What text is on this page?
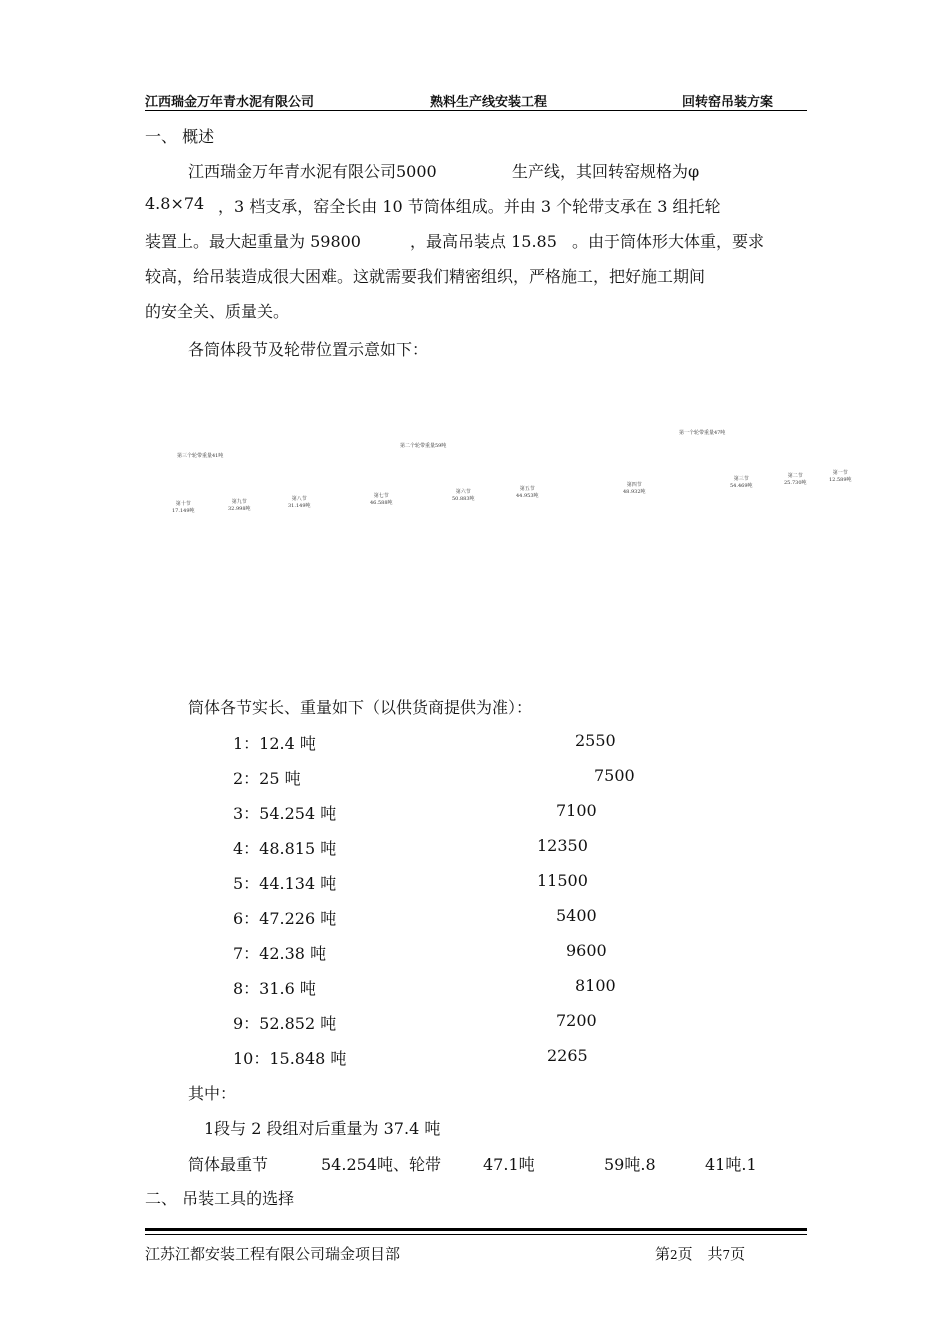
江西瑞金万年青水泥有限公司	熟料生产线安装工程	回转窑吊装方案
一、 概述
江西瑞金万年青水泥有限公司5000	生产线，其回转窑规格为φ
4.8×74 ，3 档支承，窑全长由 10 节筒体组成。并由 3 个轮带支承在 3 组托轮
装置上。最大起重量为 59800	，最高吊装点 15.85 。由于筒体形大体重，要求
较高，给吊装造成很大困难。这就需要我们精密组织，严格施工，把好施工期间
的安全关、质量关。
各筒体段节及轮带位置示意如下：
第三个轮带重量41吨
第二个轮带重量59吨
第一个轮带重量47吨
第十节
17.149吨
第九节
32.998吨
第八节
31.149吨
第七节
46.588吨
第六节
50.883吨
第五节
44.953吨
第四节
48.932吨
第三节
54.469吨
第二节
25.730吨
第一节
12.589吨
筒体各节实长、重量如下（以供货商提供为准）：
1：12.4 吨	2550
2：25 吨	7500
3：54.254 吨	7100
4：48.815 吨	12350
5：44.134 吨	11500
6：47.226 吨	5400
7：42.38 吨	9600
8：31.6 吨	8100
9：52.852 吨	7200
10：15.848 吨	2265
其中：
1段与 2 段组对后重量为 37.4 吨
筒体最重节	54.254吨、轮带	47.1吨	59吨.8	41吨.1
二、 吊装工具的选择
江苏江都安装工程有限公司瑞金项目部	第2页 共7页
